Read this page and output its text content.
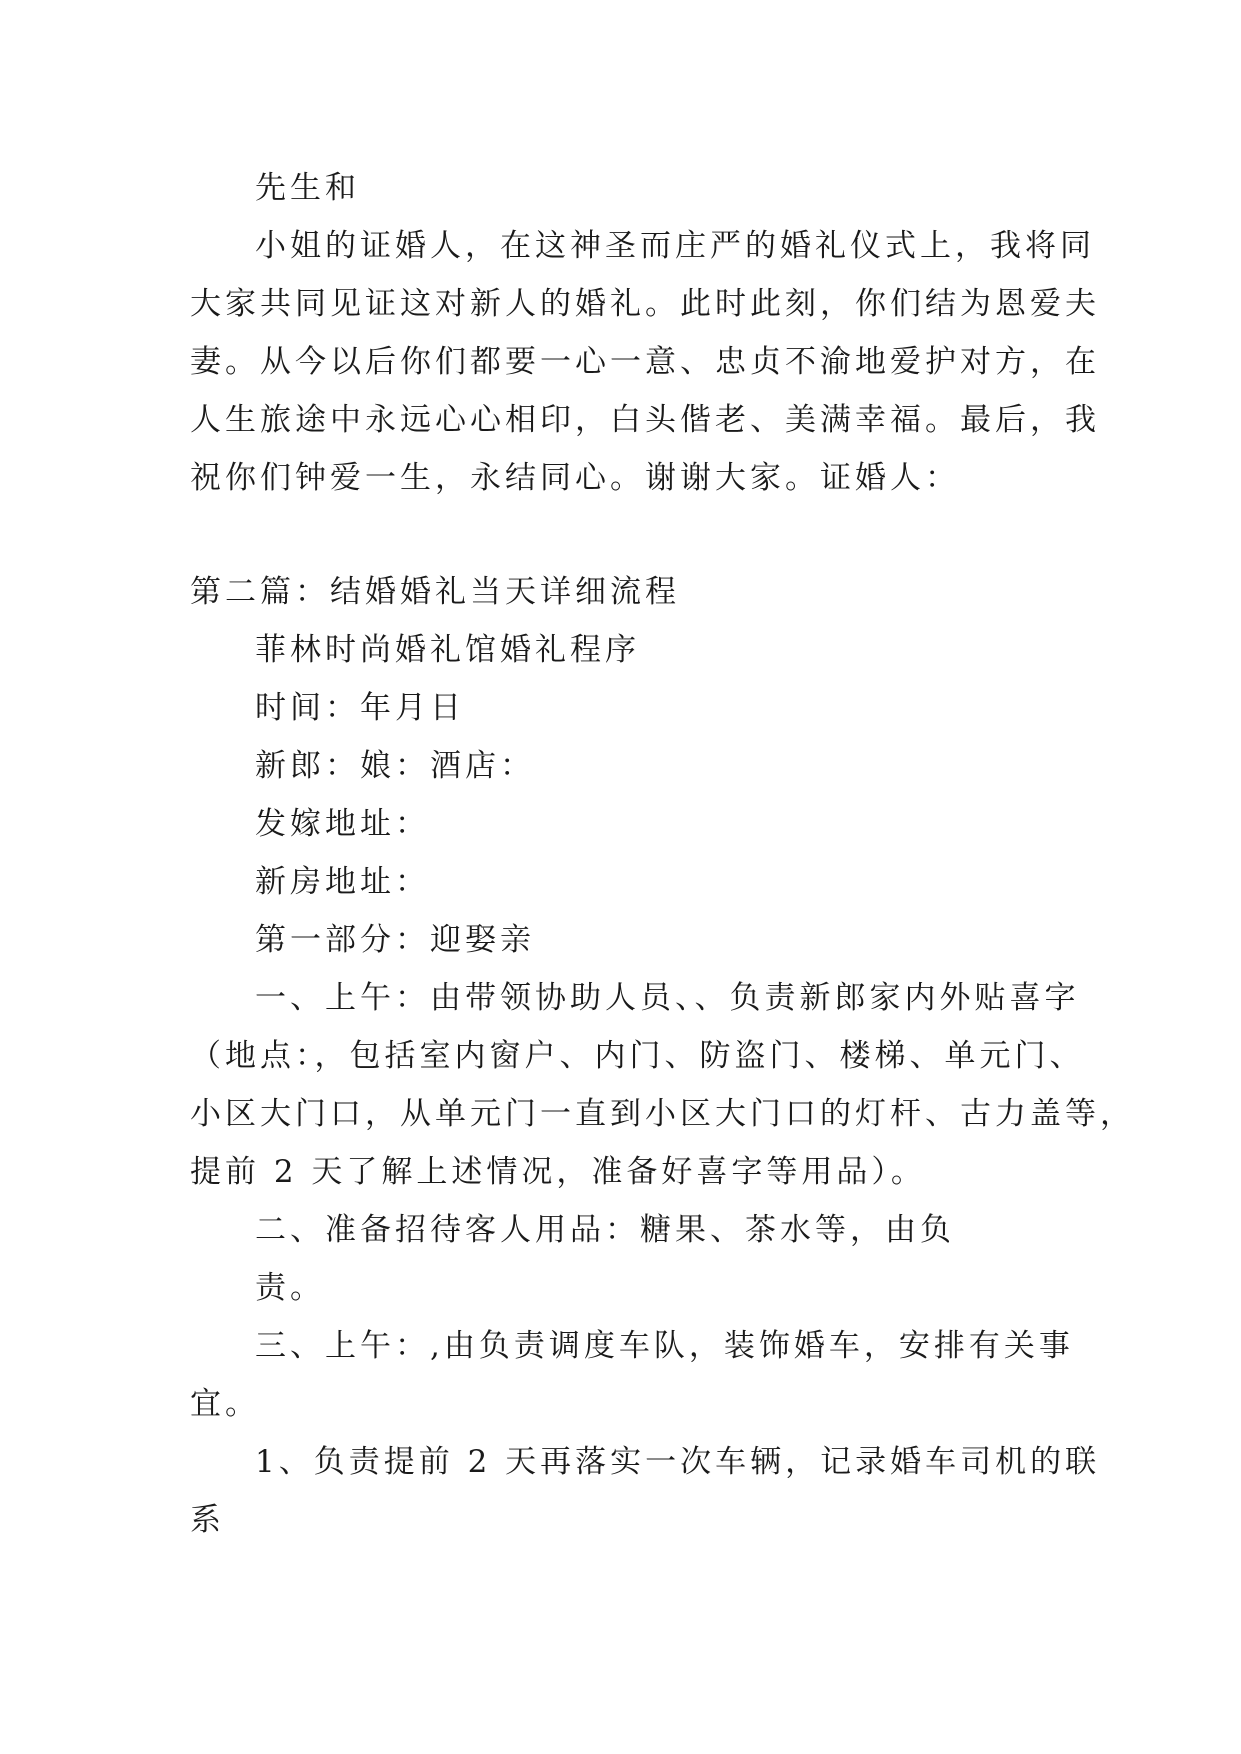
先生和
小姐的证婚人，在这神圣而庄严的婚礼仪式上，我将同
大家共同见证这对新人的婚礼。此时此刻，你们结为恩爱夫
妻。从今以后你们都要一心一意、忠贞不渝地爱护对方，在
人生旅途中永远心心相印，白头偕老、美满幸福。最后，我
祝你们钟爱一生，永结同心。谢谢大家。证婚人：
第二篇：结婚婚礼当天详细流程
菲林时尚婚礼馆婚礼程序
时间：年月日
新郎：娘：酒店：
发嫁地址：
新房地址：
第一部分：迎娶亲
一、上午：由带领协助人员、、负责新郎家内外贴喜字
（地点：，包括室内窗户、内门、防盗门、楼梯、单元门、
小区大门口，从单元门一直到小区大门口的灯杆、古力盖等，
提前 2 天了解上述情况，准备好喜字等用品）。
二、准备招待客人用品：糖果、茶水等，由负
责。
三、上午：,由负责调度车队，装饰婚车，安排有关事
宜。
1、负责提前 2 天再落实一次车辆，记录婚车司机的联
系
